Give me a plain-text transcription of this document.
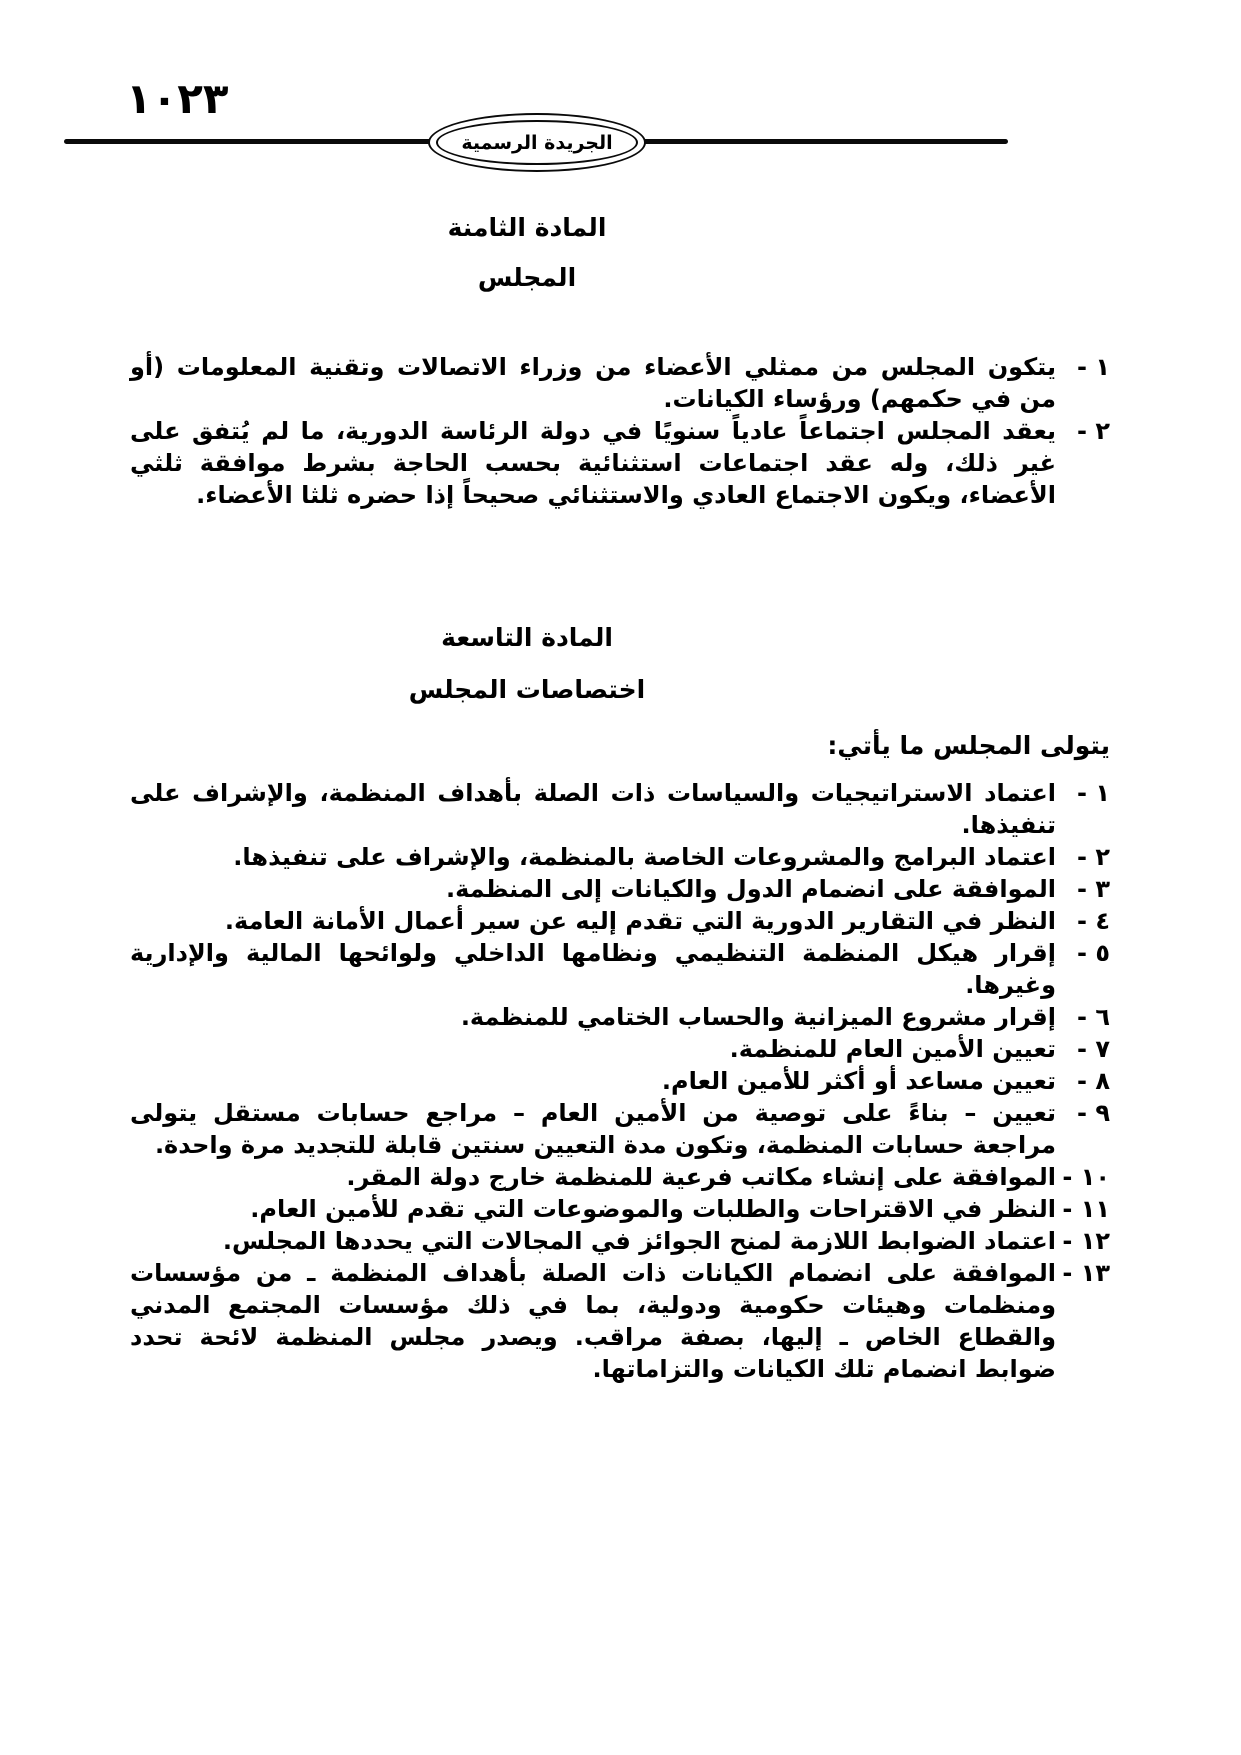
١٠٢٣
الجريدة الرسمية
المادة الثامنة
المجلس
١ -
يتكون المجلس من ممثلي الأعضاء من وزراء الاتصالات وتقنية المعلومات (أو من في حكمهم) ورؤساء الكيانات.
٢ -
يعقد المجلس اجتماعاً عادياً سنويًا في دولة الرئاسة الدورية، ما لم يُتفق على غير ذلك، وله عقد اجتماعات استثنائية بحسب الحاجة بشرط موافقة ثلثي الأعضاء، ويكون الاجتماع العادي والاستثنائي صحيحاً إذا حضره ثلثا الأعضاء.
المادة التاسعة
اختصاصات المجلس

يتولى المجلس ما يأتي:

١ -
اعتماد الاستراتيجيات والسياسات ذات الصلة بأهداف المنظمة، والإشراف على تنفيذها.
٢ -
اعتماد البرامج والمشروعات الخاصة بالمنظمة، والإشراف على تنفيذها.
٣ -
الموافقة على انضمام الدول والكيانات إلى المنظمة.
٤ -
النظر في التقارير الدورية التي تقدم إليه عن سير أعمال الأمانة العامة.
٥ -
إقرار هيكل المنظمة التنظيمي ونظامها الداخلي ولوائحها المالية والإدارية وغيرها.
٦ -
إقرار مشروع الميزانية والحساب الختامي للمنظمة.
٧ -
تعيين الأمين العام للمنظمة.
٨ -
تعيين مساعد أو أكثر للأمين العام.
٩ -
تعيين – بناءً على توصية من الأمين العام – مراجع حسابات مستقل يتولى مراجعة حسابات المنظمة، وتكون مدة التعيين سنتين قابلة للتجديد مرة واحدة.
١٠ -
الموافقة على إنشاء مكاتب فرعية للمنظمة خارج دولة المقر.
١١ -
النظر في الاقتراحات والطلبات والموضوعات التي تقدم للأمين العام.
١٢ -
اعتماد الضوابط اللازمة لمنح الجوائز في المجالات التي يحددها المجلس.
١٣ -
الموافقة على انضمام الكيانات ذات الصلة بأهداف المنظمة ـ من مؤسسات ومنظمات وهيئات حكومية ودولية، بما في ذلك مؤسسات المجتمع المدني والقطاع الخاص ـ إليها، بصفة مراقب. ويصدر مجلس المنظمة لائحة تحدد ضوابط انضمام تلك الكيانات والتزاماتها.
